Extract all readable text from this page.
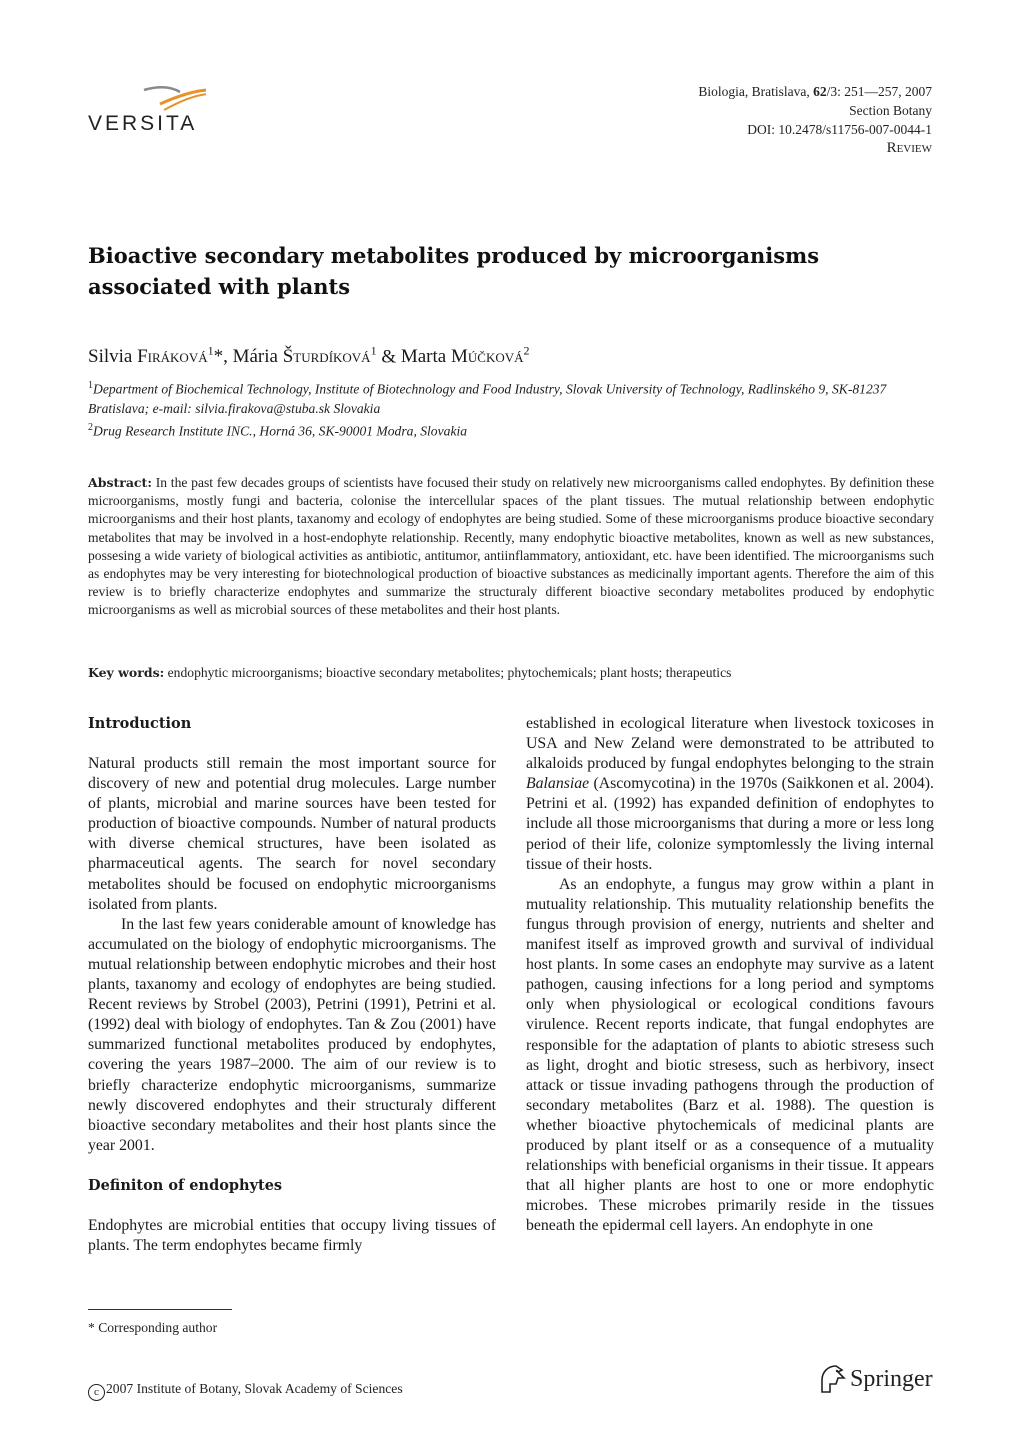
VERSITA
Biologia, Bratislava, 62/3: 251—257, 2007
Section Botany
DOI: 10.2478/s11756-007-0044-1
Review
Bioactive secondary metabolites produced by microorganisms associated with plants
Silvia Firáková$^1$*, Mária Šturdíková$^1$ & Marta Múčková$^2$
$^1$Department of Biochemical Technology, Institute of Biotechnology and Food Industry, Slovak University of Technology, Radlinského 9, SK-81237 Bratislava; e-mail: silvia.firakova@stuba.sk Slovakia
$^2$Drug Research Institute INC., Horná 36, SK-90001 Modra, Slovakia
Abstract: In the past few decades groups of scientists have focused their study on relatively new microorganisms called endophytes. By definition these microorganisms, mostly fungi and bacteria, colonise the intercellular spaces of the plant tissues. The mutual relationship between endophytic microorganisms and their host plants, taxanomy and ecology of endophytes are being studied. Some of these microorganisms produce bioactive secondary metabolites that may be involved in a host-endophyte relationship. Recently, many endophytic bioactive metabolites, known as well as new substances, possesing a wide variety of biological activities as antibiotic, antitumor, antiinflammatory, antioxidant, etc. have been identified. The microorganisms such as endophytes may be very interesting for biotechnological production of bioactive substances as medicinally important agents. Therefore the aim of this review is to briefly characterize endophytes and summarize the structuraly different bioactive secondary metabolites produced by endophytic microorganisms as well as microbial sources of these metabolites and their host plants.
Key words: endophytic microorganisms; bioactive secondary metabolites; phytochemicals; plant hosts; therapeutics
Introduction

Natural products still remain the most important source for discovery of new and potential drug molecules. Large number of plants, microbial and marine sources have been tested for production of bioactive compounds. Number of natural products with diverse chemical structures, have been isolated as pharmaceutical agents. The search for novel secondary metabolites should be focused on endophytic microorganisms isolated from plants.

In the last few years coniderable amount of knowledge has accumulated on the biology of endophytic microorganisms. The mutual relationship between endophytic microbes and their host plants, taxanomy and ecology of endophytes are being studied. Recent reviews by Strobel (2003), Petrini (1991), Petrini et al. (1992) deal with biology of endophytes. Tan & Zou (2001) have summarized functional metabolites produced by endophytes, covering the years 1987–2000. The aim of our review is to briefly characterize endophytic microorganisms, summarize newly discovered endophytes and their structuraly different bioactive secondary metabolites and their host plants since the year 2001.

Definiton of endophytes

Endophytes are microbial entities that occupy living tissues of plants. The term endophytes became firmly

established in ecological literature when livestock toxicoses in USA and New Zeland were demonstrated to be attributed to alkaloids produced by fungal endophytes belonging to the strain Balansiae (Ascomycotina) in the 1970s (Saikkonen et al. 2004). Petrini et al. (1992) has expanded definition of endophytes to include all those microorganisms that during a more or less long period of their life, colonize symptomlessly the living internal tissue of their hosts.

As an endophyte, a fungus may grow within a plant in mutuality relationship. This mutuality relationship benefits the fungus through provision of energy, nutrients and shelter and manifest itself as improved growth and survival of individual host plants. In some cases an endophyte may survive as a latent pathogen, causing infections for a long period and symptoms only when physiological or ecological conditions favours virulence. Recent reports indicate, that fungal endophytes are responsible for the adaptation of plants to abiotic stresess such as light, droght and biotic stresess, such as herbivory, insect attack or tissue invading pathogens through the production of secondary metabolites (Barz et al. 1988). The question is whether bioactive phytochemicals of medicinal plants are produced by plant itself or as a consequence of a mutuality relationships with beneficial organisms in their tissue. It appears that all higher plants are host to one or more endophytic microbes. These microbes primarily reside in the tissues beneath the epidermal cell layers. An endophyte in one

* Corresponding author
c 2007 Institute of Botany, Slovak Academy of Sciences	Springer
